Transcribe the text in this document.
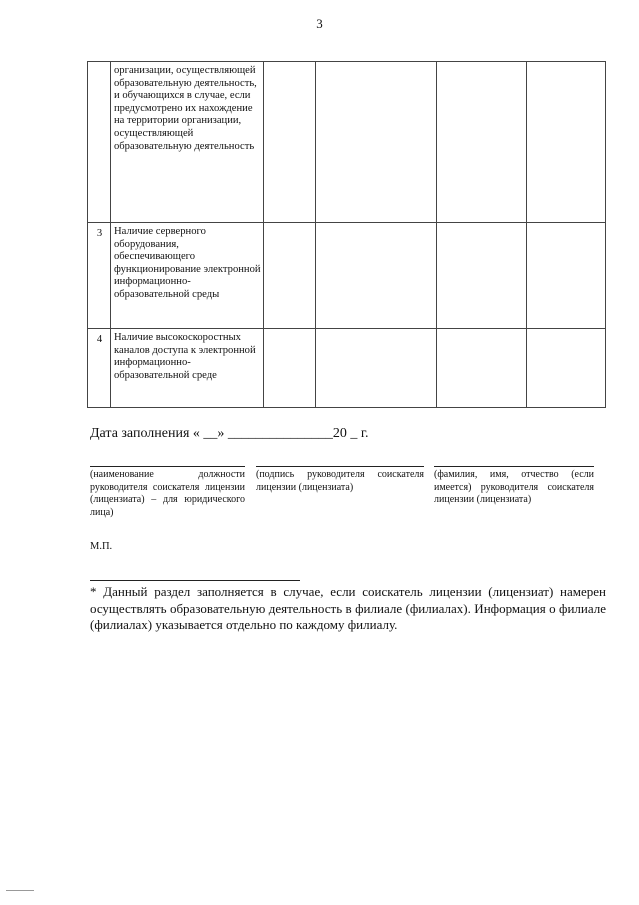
3
	организации, осуществляющей образовательную деятельность, и обучающихся в случае, если предусмотрено их нахождение на территории организации, осуществляющей образовательную деятельность				
3	Наличие серверного оборудования, обеспечивающего функционирование электронной информационно-образовательной среды				
4	Наличие высокоскоростных каналов доступа к электронной информационно-образовательной среде				
Дата заполнения « __» _______________20 _ г.
(наименование должности руководителя соискателя лицензии (лицензиата) – для юридического лица)
(подпись руководителя соискателя лицензии (лицензиата)
(фамилия, имя, отчество (если имеется) руководителя соискателя лицензии (лицензиата)
М.П.
* Данный раздел заполняется в случае, если соискатель лицензии (лицензиат) намерен осуществлять образовательную деятельность в филиале (филиалах). Информация о филиале (филиалах) указывается отдельно по каждому филиалу.
